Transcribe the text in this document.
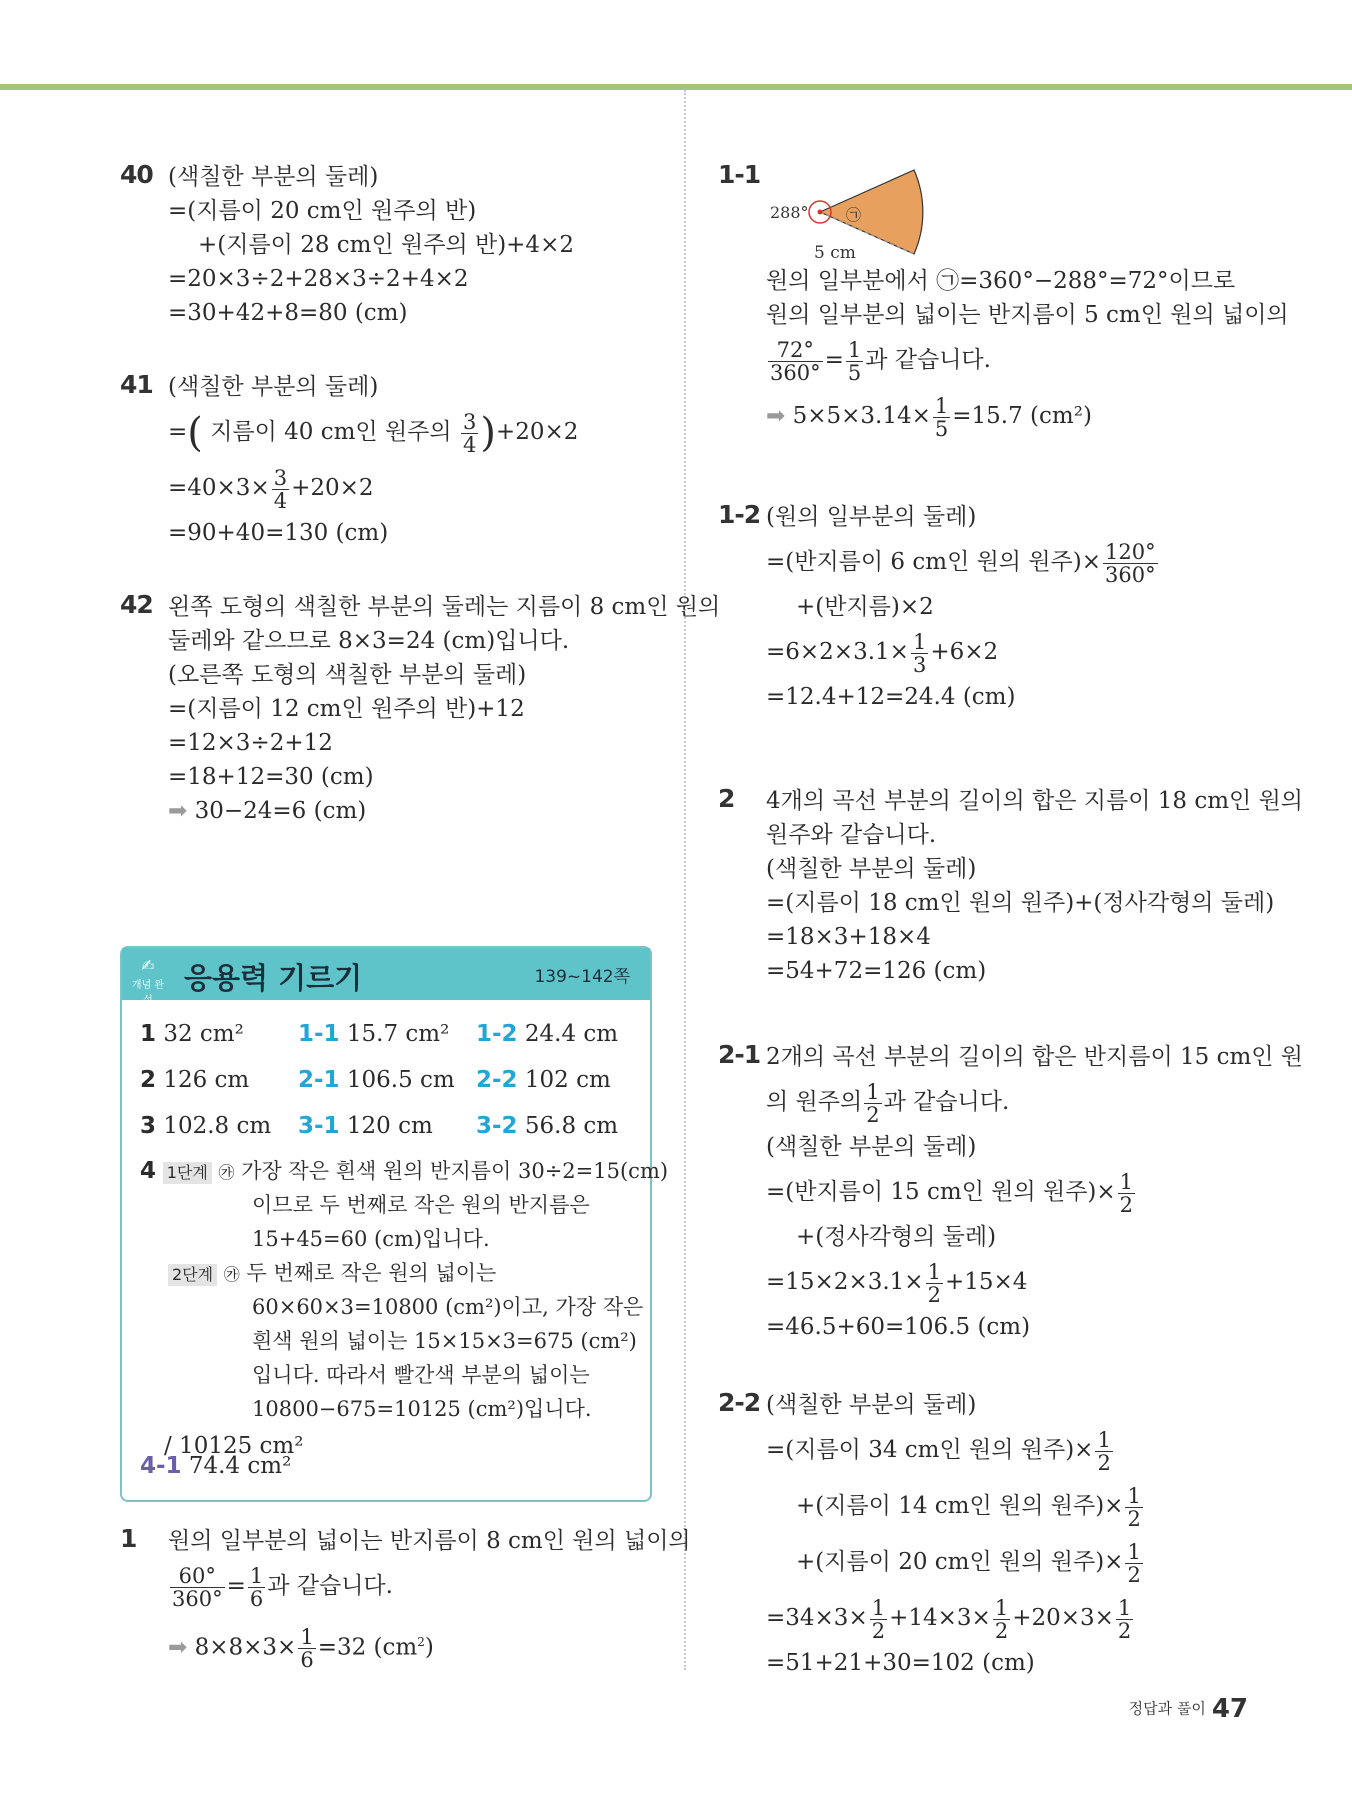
40 (색칠한 부분의 둘레)
=(지름이 20 cm인 원주의 반)
+(지름이 28 cm인 원주의 반)+4×2
=20×3÷2+28×3÷2+4×2
=30+42+8=80 (cm)
41 (색칠한 부분의 둘레)
=( 지름이 40 cm인 원주의 $\frac{3}{4} )+20\times 2$
$=40\times 3\times \frac{3}{4} +20\times 2$
=90+40=130 (cm)
42 왼쪽 도형의 색칠한 부분의 둘레는 지름이 8 cm인 원의
둘레와 같으므로 8×3=24 (cm)입니다.
(오른쪽 도형의 색칠한 부분의 둘레)
=(지름이 12 cm인 원주의 반)+12
=12×3÷2+12
=18+12=30 (cm)
➡ 30−24=6 (cm)
✍
개념 완성
응용력 기르기	139~142쪽
1 32 cm² 1-1 15.7 cm² 1-2 24.4 cm
2 126 cm 2-1 106.5 cm 2-2 102 cm
3 102.8 cm 3-1 120 cm 3-2 56.8 cm
4 1단계 ㉮ 가장 작은 흰색 원의 반지름이 30÷2=15(cm)
이므로 두 번째로 작은 원의 반지름은
15+45=60 (cm)입니다.
2단계 ㉮ 두 번째로 작은 원의 넓이는
60×60×3=10800 (cm²)이고, 가장 작은
흰색 원의 넓이는 15×15×3=675 (cm²)
입니다. 따라서 빨간색 부분의 넓이는
10800−675=10125 (cm²)입니다.
/ 10125 cm²
4-1 74.4 cm²
1 원의 일부분의 넓이는 반지름이 8 cm인 원의 넓이의
$\frac{60^\circ}{360^\circ} = \frac{1}{6}$ 과 같습니다.
➡ $8\times 8\times 3\times \frac{1}{6} =32$ $(cm^2)$
1-1
288° ㉠
5 cm
원의 일부분에서 ㉠=360°−288°=72°이므로
원의 일부분의 넓이는 반지름이 5 cm인 원의 넓이의
$\frac{72^\circ}{360^\circ} = \frac{1}{5}$ 과 같습니다.
➡ $5\times 5\times 3.14\times \frac{1}{5} =15.7$ (cm²)
1-2 (원의 일부분의 둘레)
=(반지름이 6 cm인 원의 원주)× $\frac{120^\circ}{360^\circ}$
+(반지름)×2
$=6\times 2\times 3.1\times \frac{1}{3} +6\times 2$
=12.4+12=24.4 (cm)
2 4개의 곡선 부분의 길이의 합은 지름이 18 cm인 원의
원주와 같습니다.
(색칠한 부분의 둘레)
=(지름이 18 cm인 원의 원주)+(정사각형의 둘레)
=18×3+18×4
=54+72=126 (cm)
2-1 2개의 곡선 부분의 길이의 합은 반지름이 15 cm인 원
의 원주의 $\frac{1}{2}$ 과 같습니다.
(색칠한 부분의 둘레)
=(반지름이 15 cm인 원의 원주)× $\frac{1}{2}$
+(정사각형의 둘레)
$=15\times 2\times 3.1\times \frac{1}{2} +15\times 4$
=46.5+60=106.5 (cm)
2-2 (색칠한 부분의 둘레)
=(지름이 34 cm인 원의 원주)× $\frac{1}{2}$
+(지름이 14 cm인 원의 원주)× $\frac{1}{2}$
+(지름이 20 cm인 원의 원주)× $\frac{1}{2}$
$=34\times 3\times \frac{1}{2} +14\times 3\times \frac{1}{2} +20\times 3\times \frac{1}{2}$
=51+21+30=102 (cm)
정답과 풀이 47
